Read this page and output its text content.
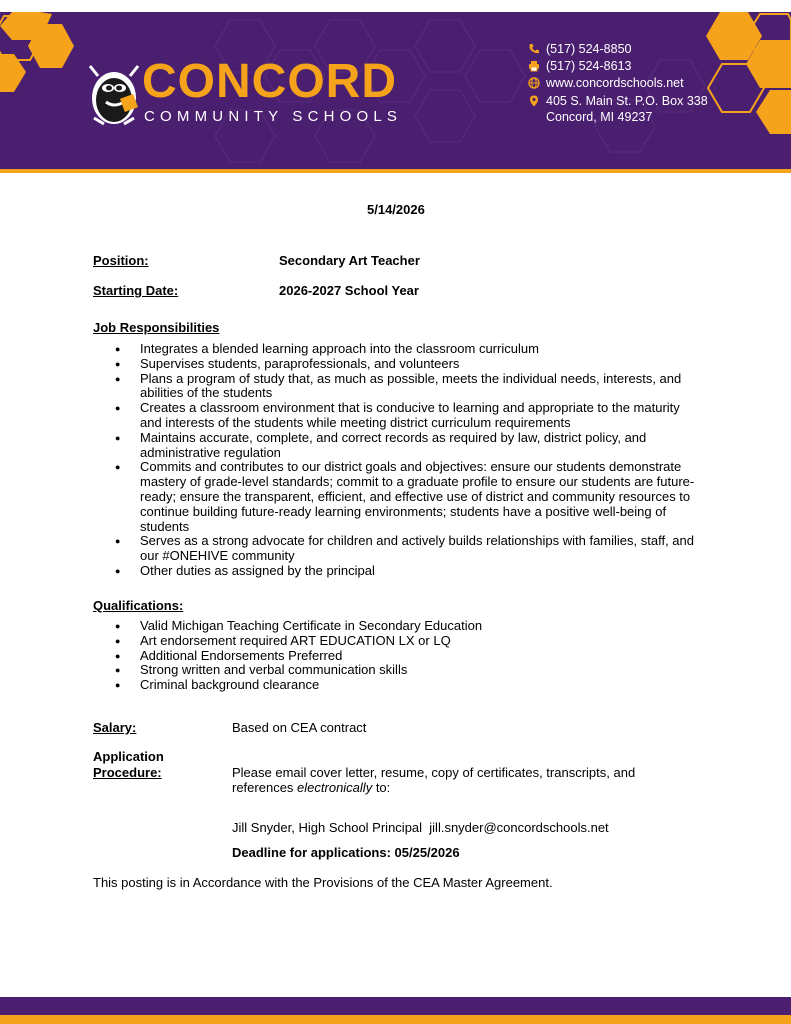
CONCORD
COMMUNITY SCHOOLS
(517) 524-8850
(517) 524-8613
www.concordschools.net
405 S. Main St. P.O. Box 338
Concord, MI 49237
5/14/2026
Position:	Secondary Art Teacher
Starting Date:	2026-2027 School Year
Job Responsibilities
● Integrates a blended learning approach into the classroom curriculum
● Supervises students, paraprofessionals, and volunteers
● Plans a program of study that, as much as possible, meets the individual needs, interests, and abilities of the students
● Creates a classroom environment that is conducive to learning and appropriate to the maturity and interests of the students while meeting district curriculum requirements
● Maintains accurate, complete, and correct records as required by law, district policy, and administrative regulation
● Commits and contributes to our district goals and objectives: ensure our students demonstrate mastery of grade-level standards; commit to a graduate profile to ensure our students are future-ready; ensure the transparent, efficient, and effective use of district and community resources to continue building future-ready learning environments; students have a positive well-being of students
● Serves as a strong advocate for children and actively builds relationships with families, staff, and our #ONEHIVE community
● Other duties as assigned by the principal
Qualifications:
● Valid Michigan Teaching Certificate in Secondary Education
● Art endorsement required ART EDUCATION LX or LQ
● Additional Endorsements Preferred
● Strong written and verbal communication skills
● Criminal background clearance
Salary:	Based on CEA contract
Application
Procedure:	Please email cover letter, resume, copy of certificates, transcripts, and references electronically to:
Jill Snyder, High School Principal jill.snyder@concordschools.net
Deadline for applications: 05/25/2026
This posting is in Accordance with the Provisions of the CEA Master Agreement.
